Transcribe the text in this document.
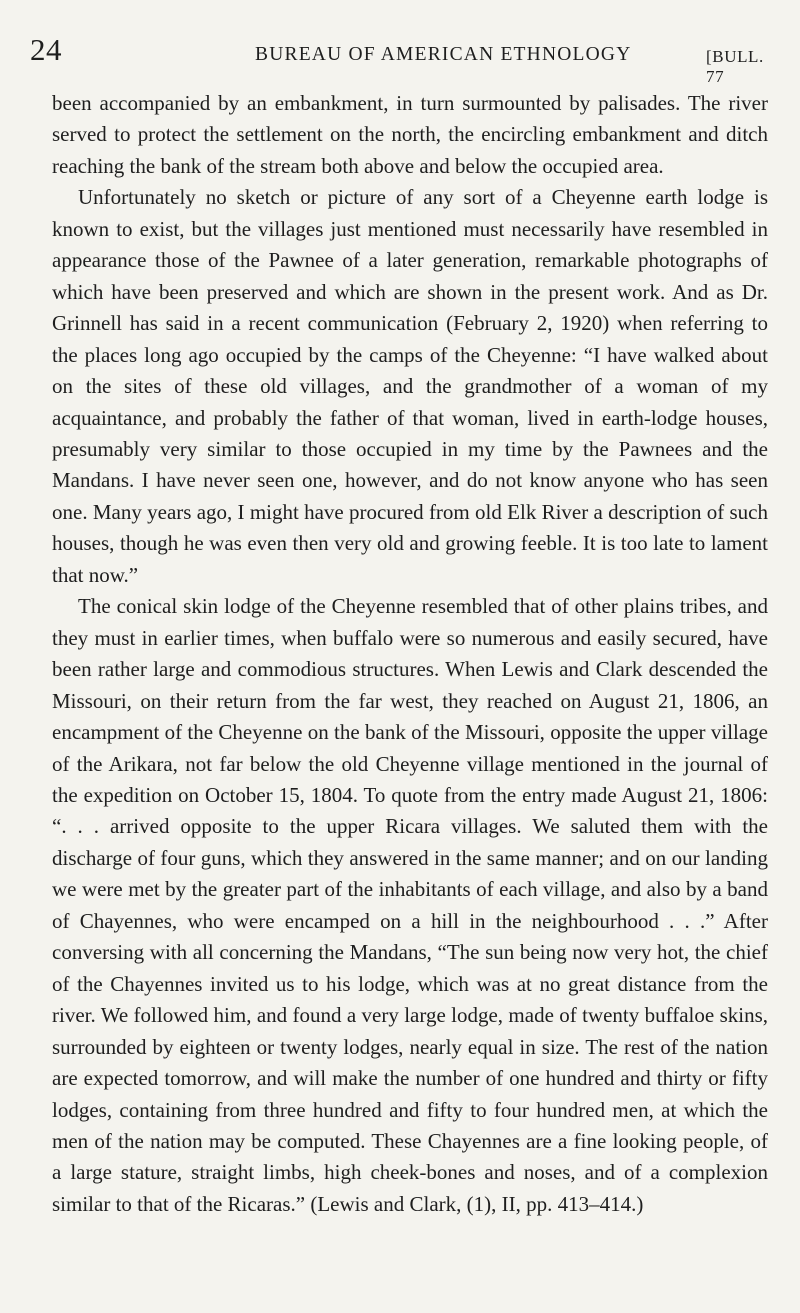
24	BUREAU OF AMERICAN ETHNOLOGY	[BULL. 77

been accompanied by an embankment, in turn surmounted by palisades. The river served to protect the settlement on the north, the encircling embankment and ditch reaching the bank of the stream both above and below the occupied area.

Unfortunately no sketch or picture of any sort of a Cheyenne earth lodge is known to exist, but the villages just mentioned must necessarily have resembled in appearance those of the Pawnee of a later generation, remarkable photographs of which have been preserved and which are shown in the present work. And as Dr. Grinnell has said in a recent communication (February 2, 1920) when referring to the places long ago occupied by the camps of the Cheyenne: “I have walked about on the sites of these old villages, and the grandmother of a woman of my acquaintance, and probably the father of that woman, lived in earth-lodge houses, presumably very similar to those occupied in my time by the Pawnees and the Mandans. I have never seen one, however, and do not know anyone who has seen one. Many years ago, I might have procured from old Elk River a description of such houses, though he was even then very old and growing feeble. It is too late to lament that now.”

The conical skin lodge of the Cheyenne resembled that of other plains tribes, and they must in earlier times, when buffalo were so numerous and easily secured, have been rather large and commodious structures. When Lewis and Clark descended the Missouri, on their return from the far west, they reached on August 21, 1806, an encampment of the Cheyenne on the bank of the Missouri, opposite the upper village of the Arikara, not far below the old Cheyenne village mentioned in the journal of the expedition on October 15, 1804. To quote from the entry made August 21, 1806: “. . . arrived opposite to the upper Ricara villages. We saluted them with the discharge of four guns, which they answered in the same manner; and on our landing we were met by the greater part of the inhabitants of each village, and also by a band of Chayennes, who were encamped on a hill in the neighbourhood . . .” After conversing with all concerning the Mandans, “The sun being now very hot, the chief of the Chayennes invited us to his lodge, which was at no great distance from the river. We followed him, and found a very large lodge, made of twenty buffaloe skins, surrounded by eighteen or twenty lodges, nearly equal in size. The rest of the nation are expected tomorrow, and will make the number of one hundred and thirty or fifty lodges, containing from three hundred and fifty to four hundred men, at which the men of the nation may be computed. These Chayennes are a fine looking people, of a large stature, straight limbs, high cheek-bones and noses, and of a complexion similar to that of the Ricaras.” (Lewis and Clark, (1), II, pp. 413–414.)
